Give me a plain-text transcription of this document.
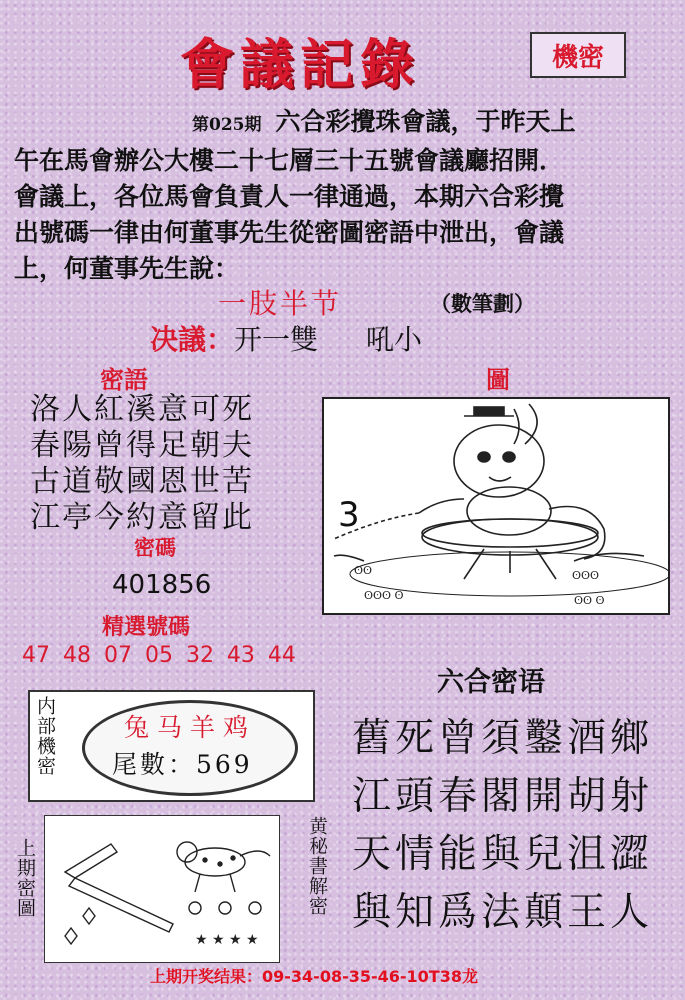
會議記錄	機密
第025期 六合彩攪珠會議，于昨天上
午在馬會辦公大樓二十七層三十五號會議廳招開．
會議上，各位馬會負責人一律通過，本期六合彩攪
出號碼一律由何董事先生從密圖密語中泄出，會議
上，何董事先生說：
一肢半节	（數筆劃）
决議：开一雙 吼小
密語	圖
洛人紅溪意可死
春陽曾得足朝夫
古道敬國恩世苦
江亭今約意留此
密碼
401856
精選號碼
47 48 07 05 32 43 44
ʘʘ
ʘʘʘ ʘ
ʘʘʘ
ʘʘ ʘ
3
内部機密	兔马羊鸡
尾數：569
上期密圖
★ ★ ★ ★
黄秘書解密
六合密语
舊死曾須鑿酒鄉
江頭春閣開胡射
天情能與兒沮澀
與知爲法顛王人
上期开奖结果：09-34-08-35-46-10T38龙
